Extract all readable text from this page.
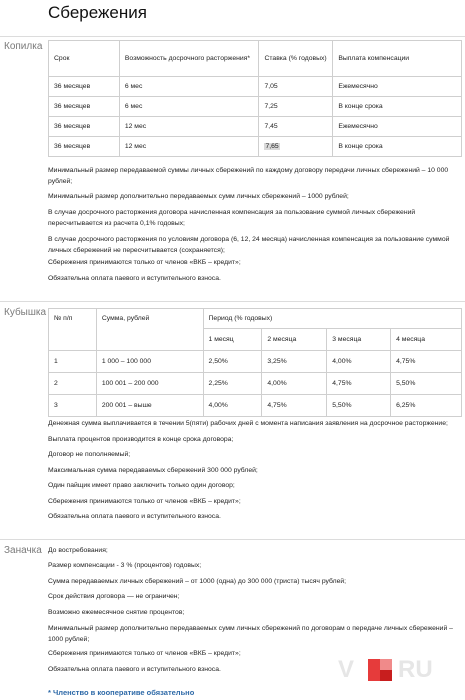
Сбережения
Копилка
Срок	Возможность досрочного расторжения*	Ставка (% годовых)	Выплата компенсации
36 месяцев	6 мес	7,05	Ежемесячно
36 месяцев	6 мес	7,25	В конце срока
36 месяцев	12 мес	7,45	Ежемесячно
36 месяцев	12 мес	7,65	В конце срока

Минимальный размер передаваемой суммы личных сбережений по каждому договору передачи личных сбережений – 10 000 рублей;

Минимальный размер дополнительно передаваемых сумм личных сбережений – 1000 рублей;

В случае досрочного расторжения договора начисленная компенсация за пользование суммой личных сбережений пересчитывается из расчета 0,1% годовых;

В случае досрочного расторжения по условиям договора (6, 12, 24 месяца) начисленная компенсация за пользование суммой личных сбережений не пересчитывается (сохраняется);

Сбережения принимаются только от членов «ВКБ – кредит»;

Обязательна оплата паевого и вступительного взноса.

Кубышка
№ п/п	Сумма, рублей	Период (% годовых)			
		1 месяц	2 месяца	3 месяца	4 месяца
1	1 000 – 100 000	2,50%	3,25%	4,00%	4,75%
2	100 001 – 200 000	2,25%	4,00%	4,75%	5,50%
3	200 001 – выше	4,00%	4,75%	5,50%	6,25%

Денежная сумма выплачивается в течении 5(пяти) рабочих дней с момента написания заявления на досрочное расторжение;

Выплата процентов производится в конце срока договора;

Договор не пополняемый;

Максимальная сумма передаваемых сбережений 300 000 рублей;

Один пайщик имеет право заключить только один договор;

Сбережения принимаются только от членов «ВКБ – кредит»;

Обязательна оплата паевого и вступительного взноса.

Заначка До востребования;

Размер компенсации - 3 % (процентов) годовых;

Сумма передаваемых личных сбережений – от 1000 (одна) до 300 000 (триста) тысяч рублей;

Срок действия договора — не ограничен;

Возможно ежемесячное снятие процентов;

Минимальный размер дополнительно передаваемых сумм личных сбережений по договорам о передаче личных сбережений – 1000 рублей;

Сбережения принимаются только от членов «ВКБ – кредит»;

Обязательна оплата паевого и вступительного взноса.

* Членство в кооперативе обязательно
V RU
